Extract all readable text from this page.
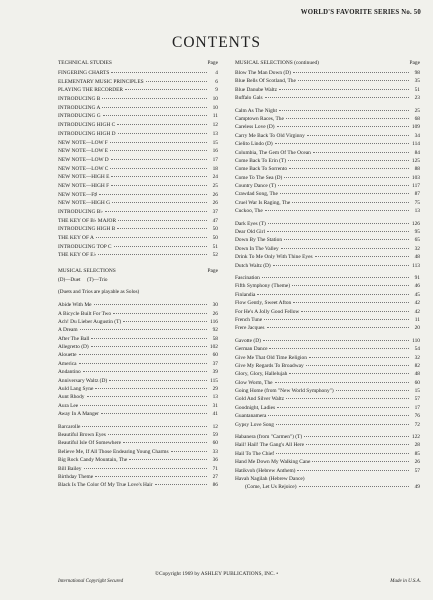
WORLD'S FAVORITE SERIES No. 50
CONTENTS
TECHNICAL STUDIES	Page
FINGERING CHARTS	4
ELEMENTARY MUSIC PRINCIPLES	6
PLAYING THE RECORDER	9
INTRODUCING B	10
INTRODUCING A	10
INTRODUCING G	11
INTRODUCING HIGH C	12
INTRODUCING HIGH D	13
NEW NOTE—LOW F	15
NEW NOTE—LOW E	16
NEW NOTE—LOW D	17
NEW NOTE—LOW C	18
NEW NOTE—HIGH E	24
NEW NOTE—HIGH F	25
NEW NOTE—F♯	26
NEW NOTE—HIGH G	26
INTRODUCING B♭	37
THE KEY OF B♭ MAJOR	47
INTRODUCING HIGH B	50
THE KEY OF A	50
INTRODUCING TOP C	51
THE KEY OF E♭	52
MUSICAL SELECTIONS	Page
(D)—Duet     (T)—Trio
(Duets and Trios are playable as Solos)
Abide With Me	30
A Bicycle Built For Two	26
Ach! Du Lieber Augustin (T)	116
A Dream	92
After The Ball	58
Allegretto (D)	102
Alouette	60
America	37
Andantino	39
Anniversary Waltz (D)	115
Auld Lang Syne	29
Aunt Rhody	13
Aura Lee	31
Away In A Manger	41
Barcarolle	12
Beautiful Brown Eyes	59
Beautiful Isle Of Somewhere	60
Believe Me, If All Those Endearing Young Charms	33
Big Rock Candy Mountain, The	36
Bill Bailey	71
Birthday Theme	27
Black Is The Color Of My True Love's Hair	86
MUSICAL SELECTIONS (continued)	Page
Blow The Man Down (D)	98
Blue Bells Of Scotland, The	35
Blue Danube Waltz	51
Buffalo Gals	23
Calm As The Night	25
Camptown Races, The	68
Careless Love (D)	109
Carry Me Back To Old Virginny	34
Cielito Lindo (D)	114
Columbia, The Gem Of The Ocean	84
Come Back To Erin (T)	125
Come Back To Sorrento	88
Come To The Sea (D)	103
Country Dance (T)	117
Crawdad Song, The	87
Cruel War Is Raging, The	75
Cuckoo, The	13
Dark Eyes (T)	126
Dear Old Girl	95
Down By The Station	65
Down In The Valley	32
Drink To Me Only With Thine Eyes	48
Dutch Waltz (D)	113
Fascination	91
Fifth Symphony (Theme)	46
Finlandia	45
Flow Gently, Sweet Afton	42
For He's A Jolly Good Fellow	42
French Tune	11
Frere Jacques	20
Gavotte (D)	110
German Dance	54
Give Me That Old Time Religion	32
Give My Regards To Broadway	82
Glory, Glory, Hallelujah	48
Glow Worm, The	60
Going Home (from "New World Symphony")	15
Gold And Silver Waltz	57
Goodnight, Ladies	17
Guantanamera	76
Gypsy Love Song	72
Habanera (from "Carmen") (T)	122
Hail! Hail! The Gang's All Here	28
Hail To The Chief	85
Hand Me Down My Walking Cane	26
Hatikvoh (Hebrew Anthem)	57
Havah Nagilah (Hebrew Dance)
(Come, Let Us Rejoice)	49
©Copyright 1969 by ASHLEY PUBLICATIONS, INC. •
International Copyright Secured	Made in U.S.A.
